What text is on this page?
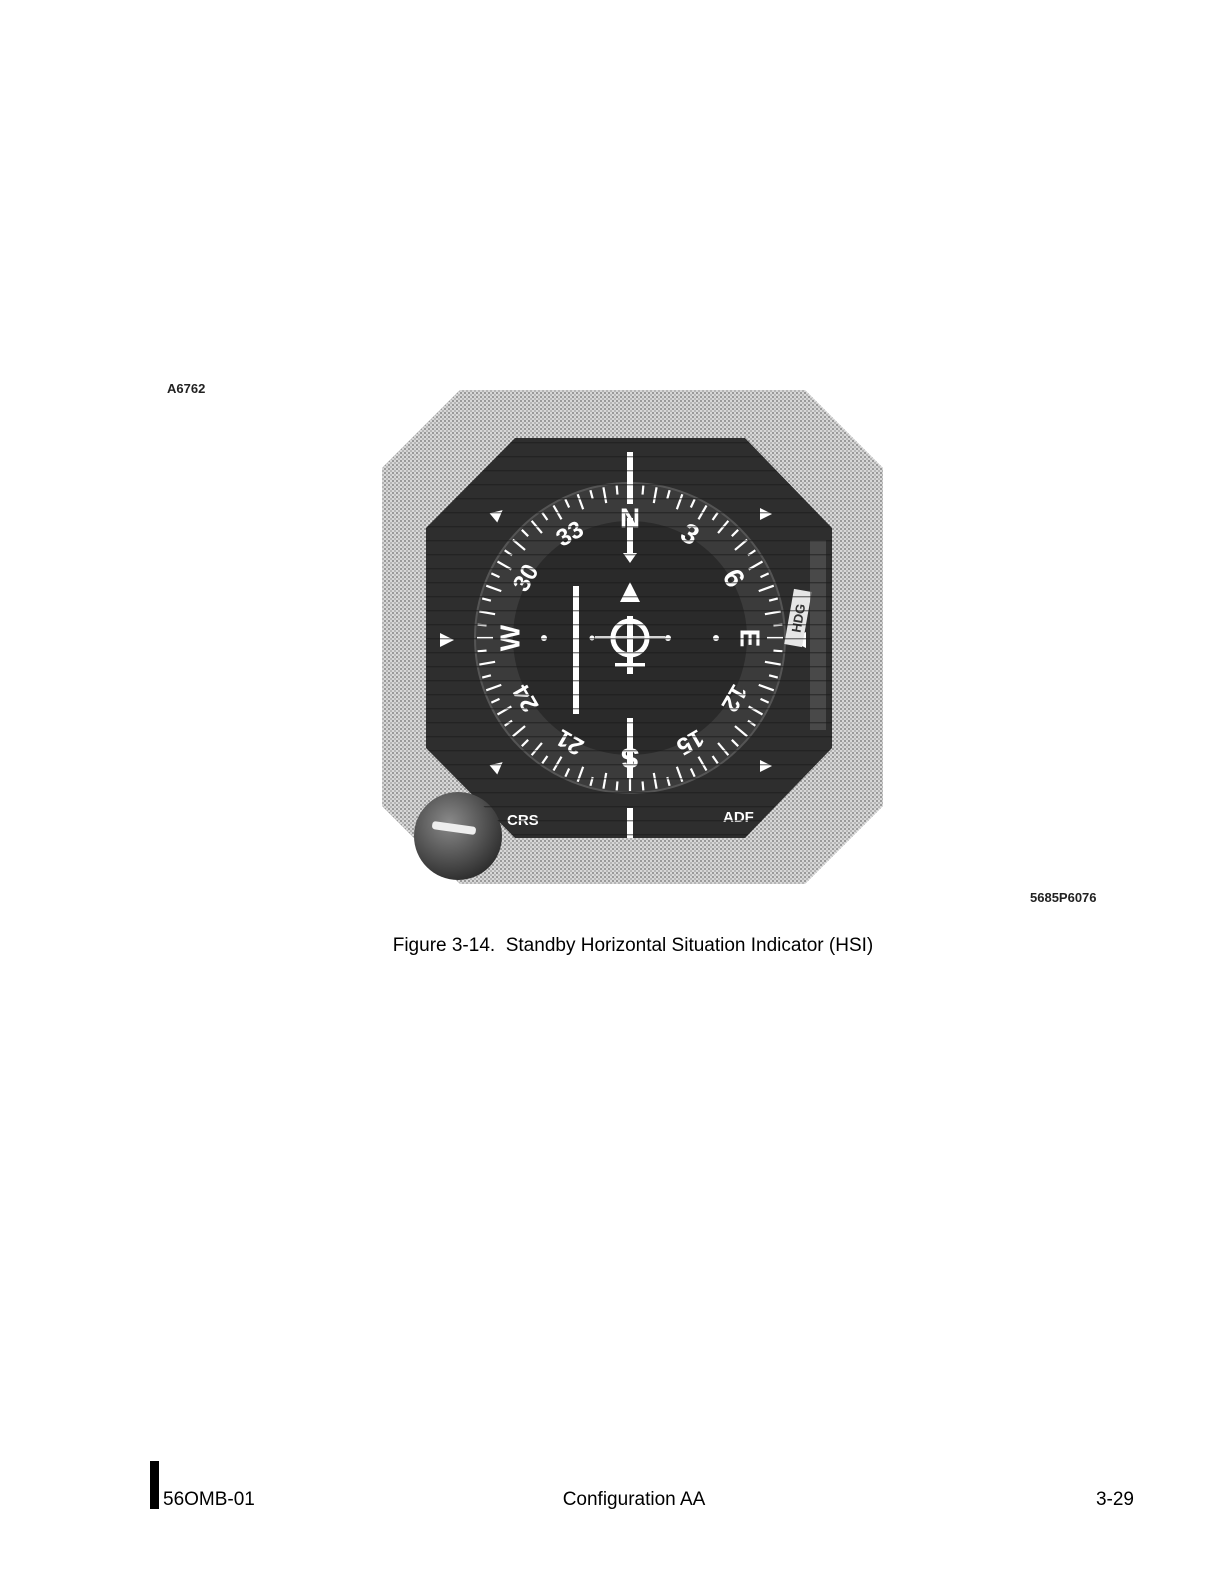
A6762
5685P6076
Figure 3-14.  Standby Horizontal Situation Indicator (HSI)
56OMB-01	Configuration AA	3-29
